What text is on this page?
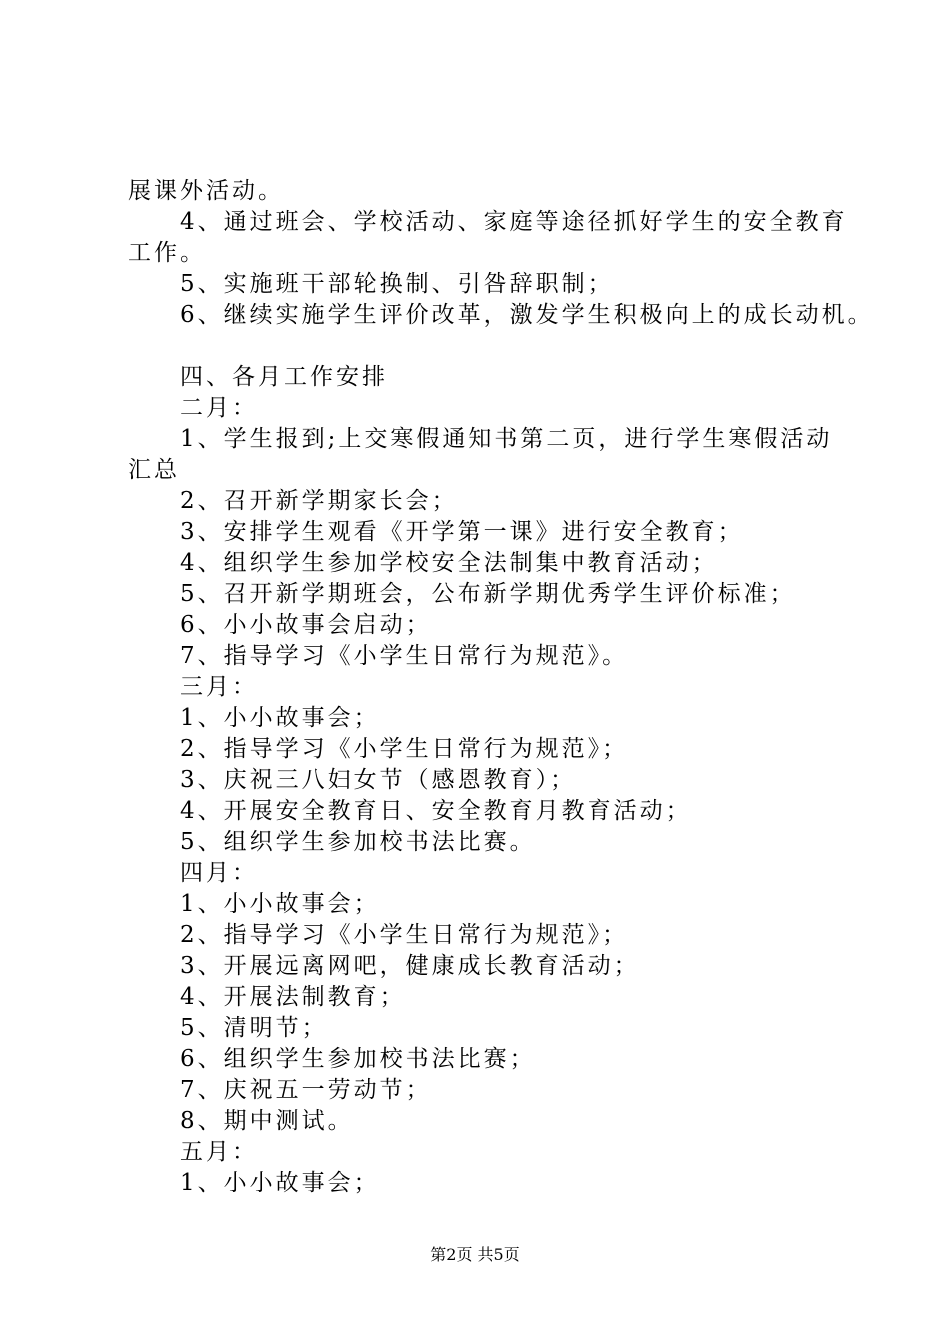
展课外活动。
4、通过班会、学校活动、家庭等途径抓好学生的安全教育
工作。
5、实施班干部轮换制、引咎辞职制；
6、继续实施学生评价改革，激发学生积极向上的成长动机。
四、各月工作安排
二月：
1、学生报到;上交寒假通知书第二页，进行学生寒假活动
汇总
2、召开新学期家长会；
3、安排学生观看《开学第一课》进行安全教育；
4、组织学生参加学校安全法制集中教育活动；
5、召开新学期班会，公布新学期优秀学生评价标准；
6、小小故事会启动；
7、指导学习《小学生日常行为规范》。
三月：
1、小小故事会；
2、指导学习《小学生日常行为规范》；
3、庆祝三八妇女节（感恩教育）；
4、开展安全教育日、安全教育月教育活动；
5、组织学生参加校书法比赛。
四月：
1、小小故事会；
2、指导学习《小学生日常行为规范》；
3、开展远离网吧，健康成长教育活动；
4、开展法制教育；
5、清明节；
6、组织学生参加校书法比赛；
7、庆祝五一劳动节；
8、期中测试。
五月：
1、小小故事会；
第2页 共5页
